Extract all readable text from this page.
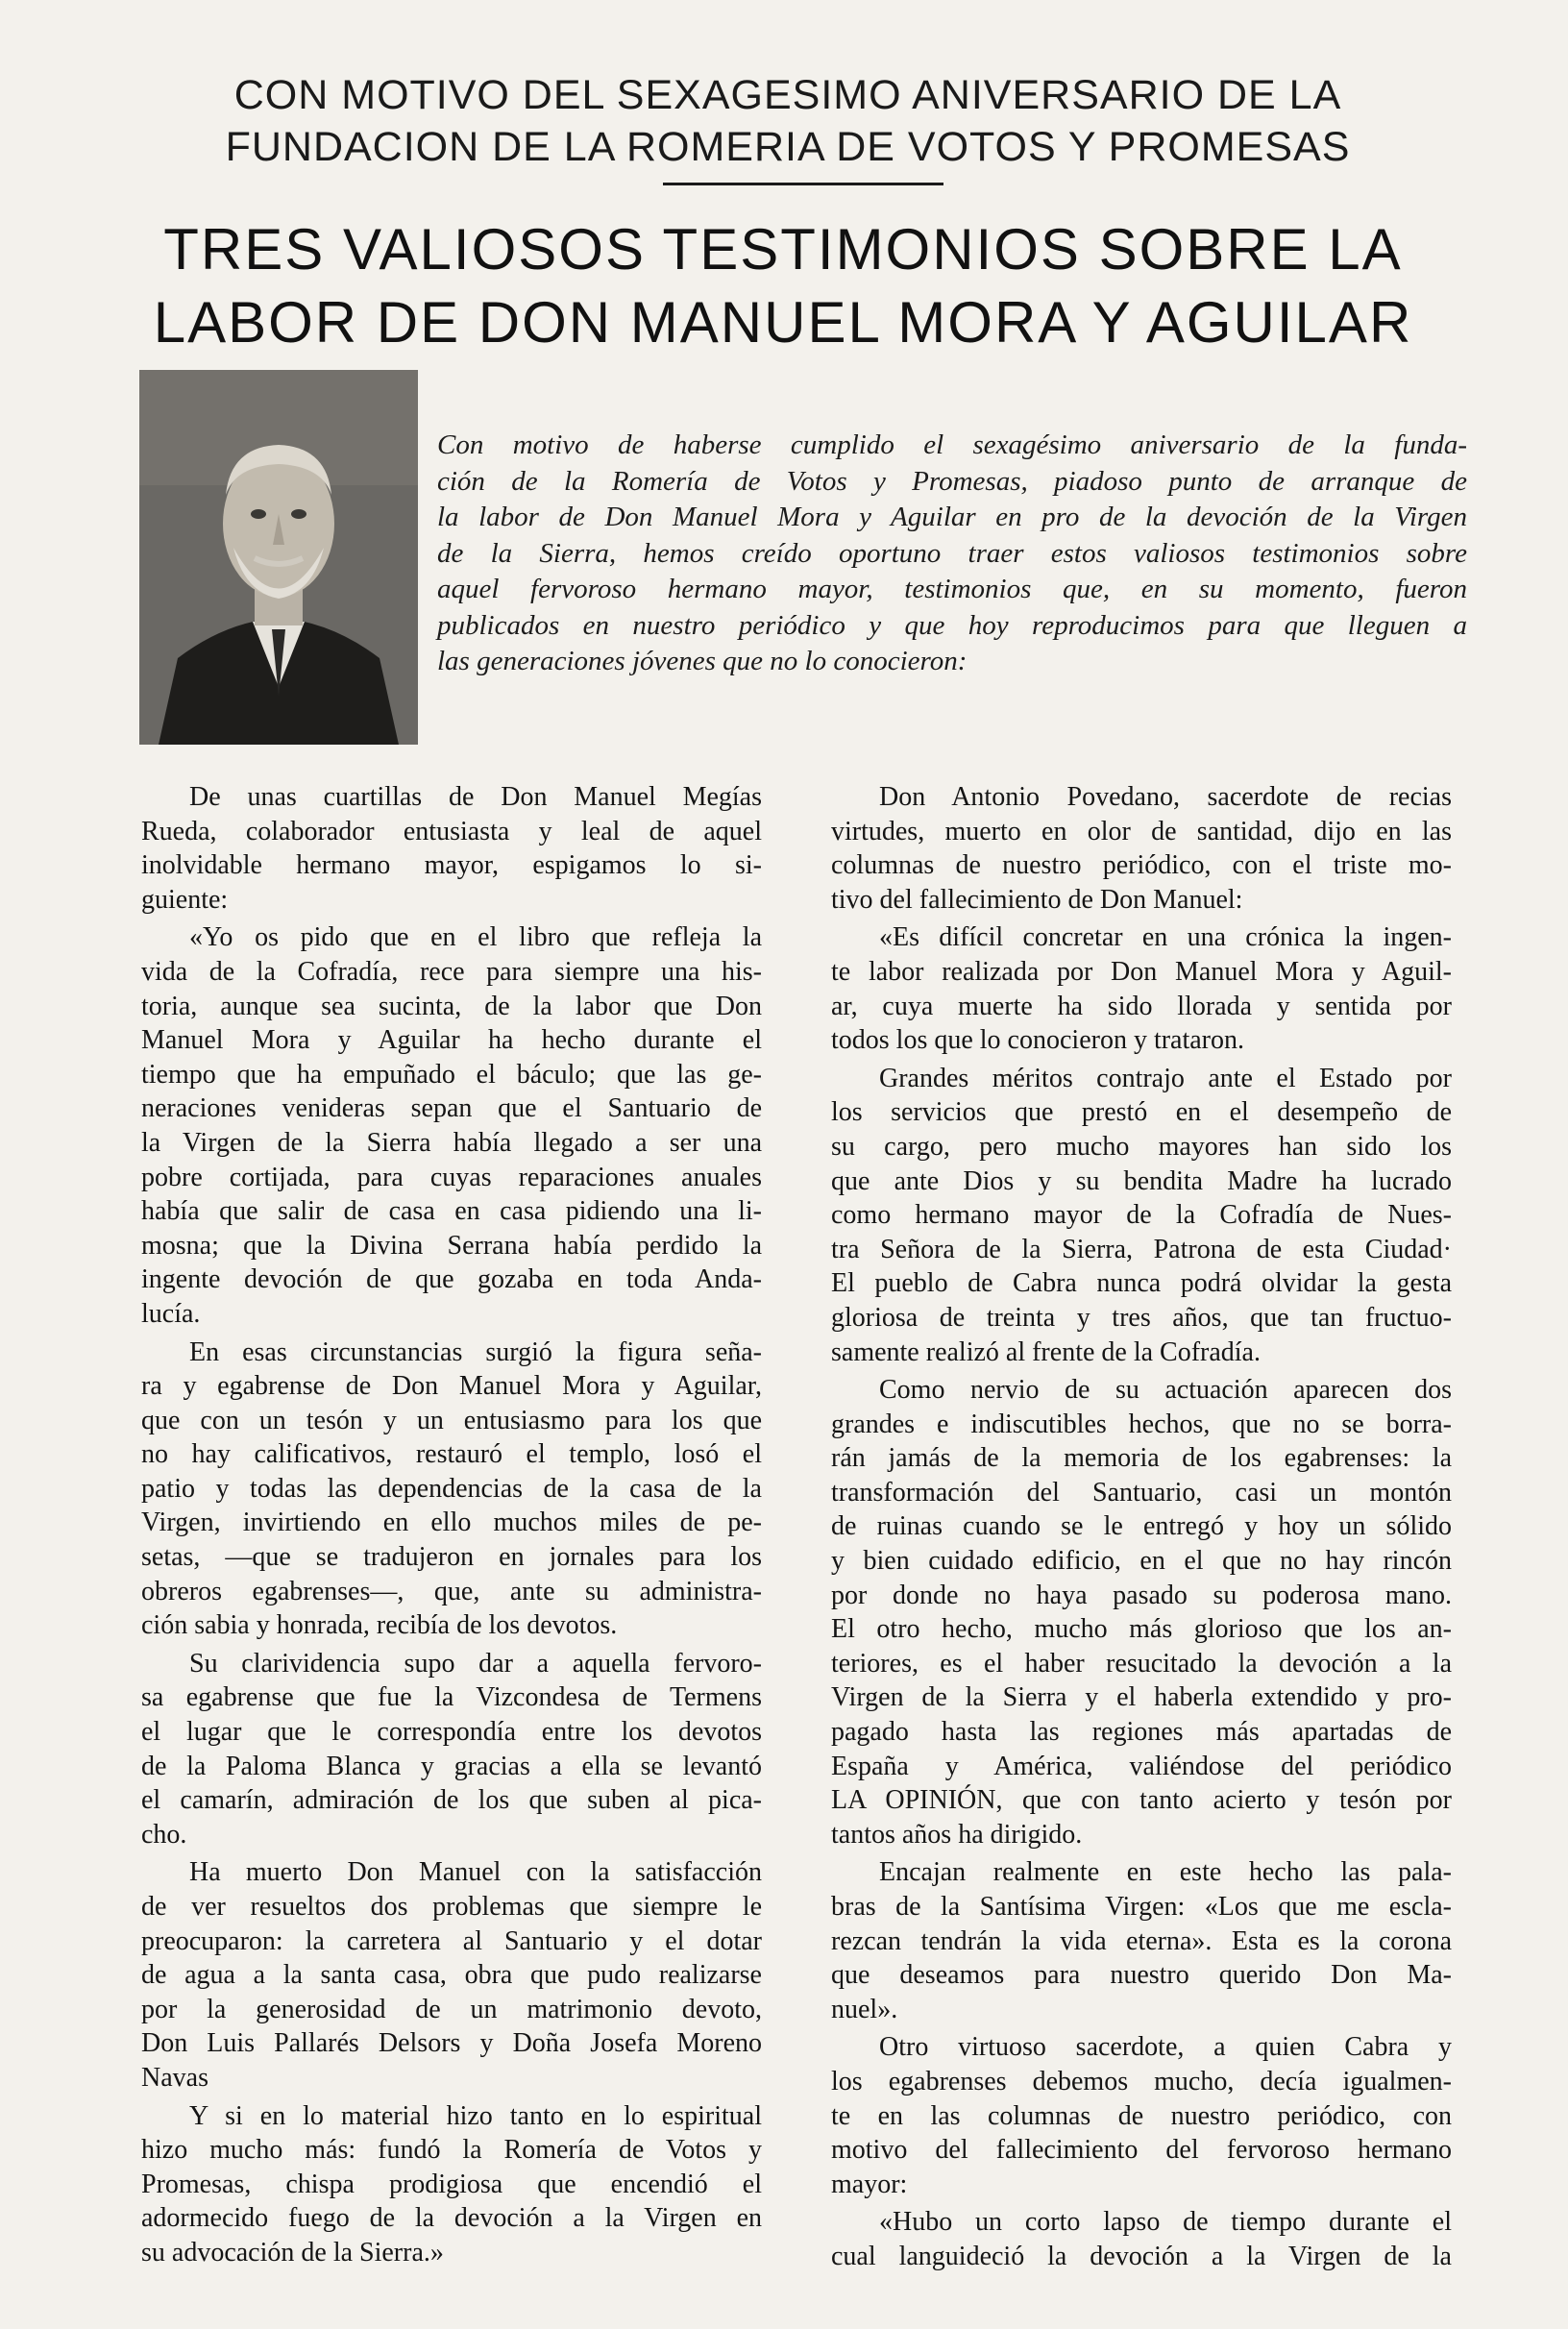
CON MOTIVO DEL SEXAGESIMO ANIVERSARIO DE LA
FUNDACION DE LA ROMERIA DE VOTOS Y PROMESAS
TRES VALIOSOS TESTIMONIOS SOBRE LA
LABOR DE DON MANUEL MORA Y AGUILAR
Con motivo de haberse cumplido el sexagésimo aniversario de la funda-
ción de la Romería de Votos y Promesas, piadoso punto de arranque de
la labor de Don Manuel Mora y Aguilar en pro de la devoción de la Virgen
de la Sierra, hemos creído oportuno traer estos valiosos testimonios sobre
aquel fervoroso hermano mayor, testimonios que, en su momento, fueron
publicados en nuestro periódico y que hoy reproducimos para que lleguen a
las generaciones jóvenes que no lo conocieron:
De unas cuartillas de Don Manuel Megías
Rueda, colaborador entusiasta y leal de aquel
inolvidable hermano mayor, espigamos lo si-
guiente:
«Yo os pido que en el libro que refleja la
vida de la Cofradía, rece para siempre una his-
toria, aunque sea sucinta, de la labor que Don
Manuel Mora y Aguilar ha hecho durante el
tiempo que ha empuñado el báculo; que las ge-
neraciones venideras sepan que el Santuario de
la Virgen de la Sierra había llegado a ser una
pobre cortijada, para cuyas reparaciones anuales
había que salir de casa en casa pidiendo una li-
mosna; que la Divina Serrana había perdido la
ingente devoción de que gozaba en toda Anda-
lucía.
En esas circunstancias surgió la figura seña-
ra y egabrense de Don Manuel Mora y Aguilar,
que con un tesón y un entusiasmo para los que
no hay calificativos, restauró el templo, losó el
patio y todas las dependencias de la casa de la
Virgen, invirtiendo en ello muchos miles de pe-
setas, —que se tradujeron en jornales para los
obreros egabrenses—, que, ante su administra-
ción sabia y honrada, recibía de los devotos.
Su clarividencia supo dar a aquella fervoro-
sa egabrense que fue la Vizcondesa de Termens
el lugar que le correspondía entre los devotos
de la Paloma Blanca y gracias a ella se levantó
el camarín, admiración de los que suben al pica-
cho.
Ha muerto Don Manuel con la satisfacción
de ver resueltos dos problemas que siempre le
preocuparon: la carretera al Santuario y el dotar
de agua a la santa casa, obra que pudo realizarse
por la generosidad de un matrimonio devoto,
Don Luis Pallarés Delsors y Doña Josefa Moreno
Navas
Y si en lo material hizo tanto en lo espiritual
hizo mucho más: fundó la Romería de Votos y
Promesas, chispa prodigiosa que encendió el
adormecido fuego de la devoción a la Virgen en
su advocación de la Sierra.»
Don Antonio Povedano, sacerdote de recias
virtudes, muerto en olor de santidad, dijo en las
columnas de nuestro periódico, con el triste mo-
tivo del fallecimiento de Don Manuel:
«Es difícil concretar en una crónica la ingen-
te labor realizada por Don Manuel Mora y Aguil-
ar, cuya muerte ha sido llorada y sentida por
todos los que lo conocieron y trataron.
Grandes méritos contrajo ante el Estado por
los servicios que prestó en el desempeño de
su cargo, pero mucho mayores han sido los
que ante Dios y su bendita Madre ha lucrado
como hermano mayor de la Cofradía de Nues-
tra Señora de la Sierra, Patrona de esta Ciudad·
El pueblo de Cabra nunca podrá olvidar la gesta
gloriosa de treinta y tres años, que tan fructuo-
samente realizó al frente de la Cofradía.
Como nervio de su actuación aparecen dos
grandes e indiscutibles hechos, que no se borra-
rán jamás de la memoria de los egabrenses: la
transformación del Santuario, casi un montón
de ruinas cuando se le entregó y hoy un sólido
y bien cuidado edificio, en el que no hay rincón
por donde no haya pasado su poderosa mano.
El otro hecho, mucho más glorioso que los an-
teriores, es el haber resucitado la devoción a la
Virgen de la Sierra y el haberla extendido y pro-
pagado hasta las regiones más apartadas de
España y América, valiéndose del periódico
LA OPINIÓN, que con tanto acierto y tesón por
tantos años ha dirigido.
Encajan realmente en este hecho las pala-
bras de la Santísima Virgen: «Los que me escla-
rezcan tendrán la vida eterna». Esta es la corona
que deseamos para nuestro querido Don Ma-
nuel».
Otro virtuoso sacerdote, a quien Cabra y
los egabrenses debemos mucho, decía igualmen-
te en las columnas de nuestro periódico, con
motivo del fallecimiento del fervoroso hermano
mayor:
«Hubo un corto lapso de tiempo durante el
cual languideció la devoción a la Virgen de la
